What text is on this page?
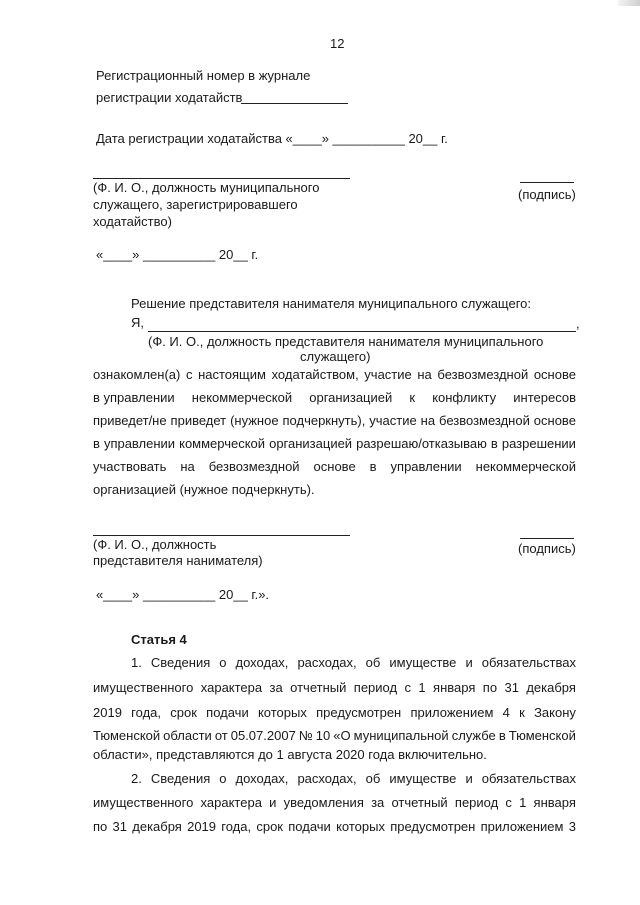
12
Регистрационный номер в журнале
регистрации ходатайств
Дата регистрации ходатайства «____» __________ 20__ г.
(Ф. И. О., должность муниципального
служащего, зарегистрировавшего
ходатайство)
(подпись)
«____» __________ 20__ г.
Решение представителя нанимателя муниципального служащего:
Я,	,
(Ф. И. О., должность представителя нанимателя муниципального
служащего)
ознакомлен(а) с настоящим ходатайством, участие на безвозмездной основе
в управлении некоммерческой организацией к конфликту интересов
приведет/не приведет (нужное подчеркнуть), участие на безвозмездной основе
в управлении коммерческой организацией разрешаю/отказываю в разрешении
участвовать на безвозмездной основе в управлении некоммерческой
организацией (нужное подчеркнуть).
(Ф. И. О., должность
представителя нанимателя)
(подпись)
«____» __________ 20__ г.».
Статья 4
1. Сведения о доходах, расходах, об имуществе и обязательствах
имущественного характера за отчетный период с 1 января по 31 декабря
2019 года, срок подачи которых предусмотрен приложением 4 к Закону
Тюменской области от 05.07.2007 № 10 «О муниципальной службе в Тюменской
области», представляются до 1 августа 2020 года включительно.
2. Сведения о доходах, расходах, об имуществе и обязательствах
имущественного характера и уведомления за отчетный период с 1 января
по 31 декабря 2019 года, срок подачи которых предусмотрен приложением 3
